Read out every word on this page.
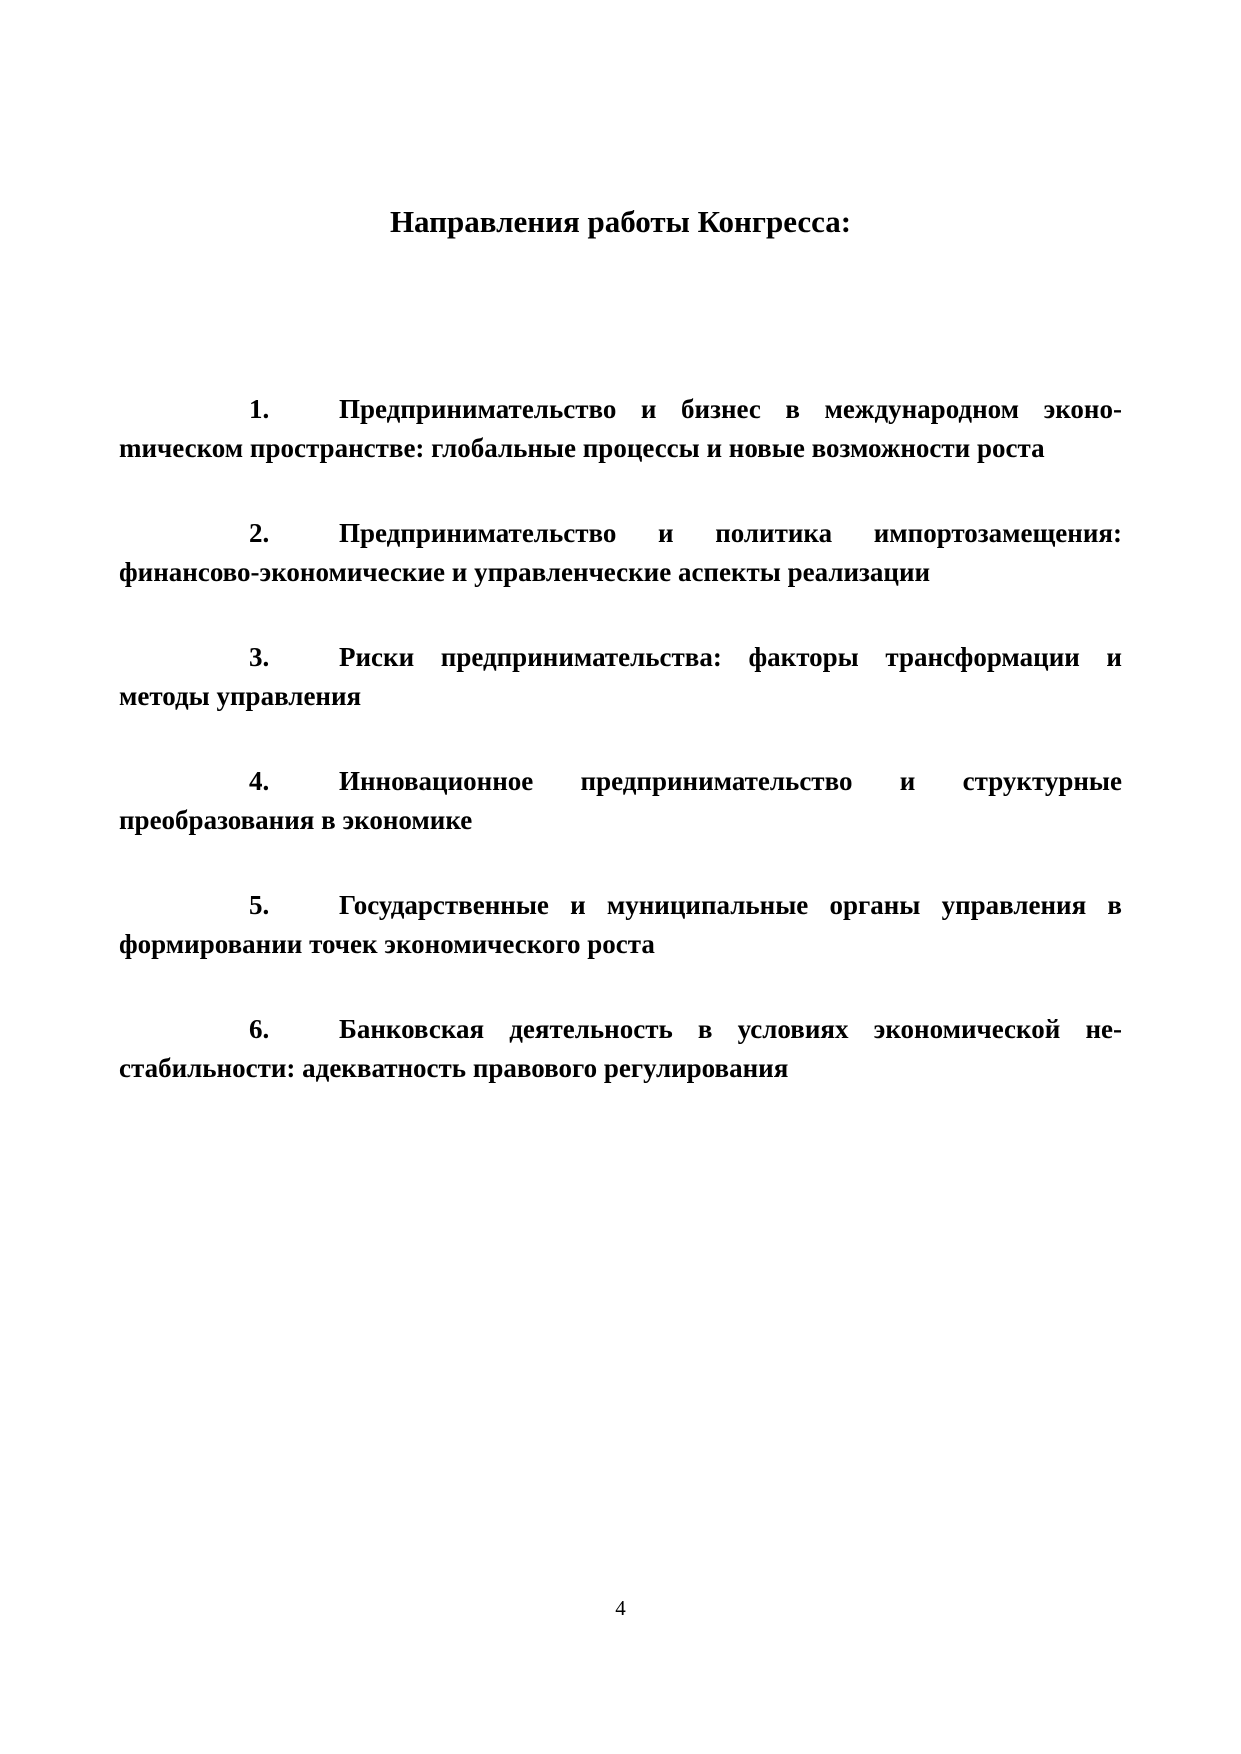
Направления работы Конгресса:
1.	Предпринимательство и бизнес в международном эконоmическом пространстве: глобальные процессы и новые возможности роста
2.	Предпринимательство и политика импортозамещения: финансово-экономические и управленческие аспекты реализации
3.	Риски предпринимательства: факторы трансформации и методы управления
4.	Инновационное предпринимательство и структурные преобразования в экономике
5.	Государственные и муниципальные органы управления в формировании точек экономического роста
6.	Банковская деятельность в условиях экономической нестабильности: адекватность правового регулирования
4
